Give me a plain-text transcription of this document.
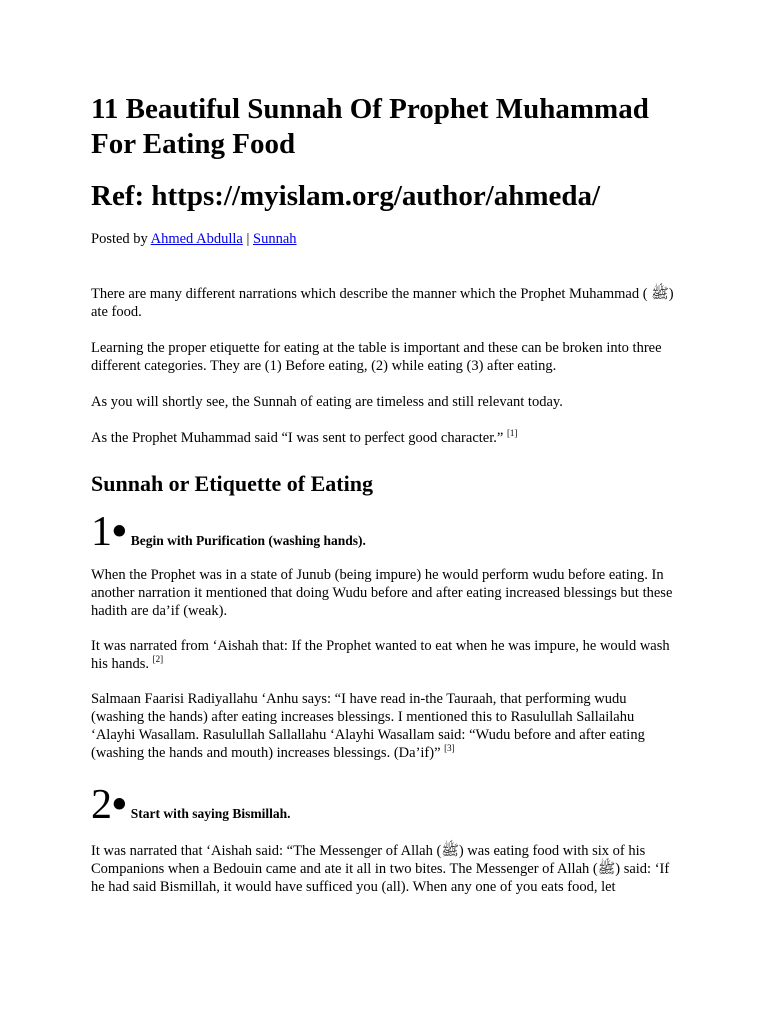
11 Beautiful Sunnah Of Prophet Muhammad For Eating Food
Ref: https://myislam.org/author/ahmeda/
Posted by Ahmed Abdulla | Sunnah

There are many different narrations which describe the manner which the Prophet Muhammad ( ﷺ) ate food.

Learning the proper etiquette for eating at the table is important and these can be broken into three different categories. They are (1) Before eating, (2) while eating (3) after eating.

As you will shortly see, the Sunnah of eating are timeless and still relevant today.

As the Prophet Muhammad said “I was sent to perfect good character.” [1]

Sunnah or Etiquette of Eating
1 • Begin with Purification (washing hands).

When the Prophet was in a state of Junub (being impure) he would perform wudu before eating. In another narration it mentioned that doing Wudu before and after eating increased blessings but these hadith are da’if (weak).

It was narrated from ‘Aishah that: If the Prophet wanted to eat when he was impure, he would wash his hands. [2]

Salmaan Faarisi Radiyallahu ‘Anhu says: “I have read in-the Tauraah, that performing wudu (washing the hands) after eating increases blessings. I mentioned this to Rasulullah Sallailahu ‘Alayhi Wasallam. Rasulullah Sallallahu ‘Alayhi Wasallam said: “Wudu before and after eating (washing the hands and mouth) increases blessings. (Da’if)” [3]

2 • Start with saying Bismillah.

It was narrated that ‘Aishah said: “The Messenger of Allah (ﷺ) was eating food with six of his Companions when a Bedouin came and ate it all in two bites. The Messenger of Allah (ﷺ) said: ‘If he had said Bismillah, it would have sufficed you (all). When any one of you eats food, let
